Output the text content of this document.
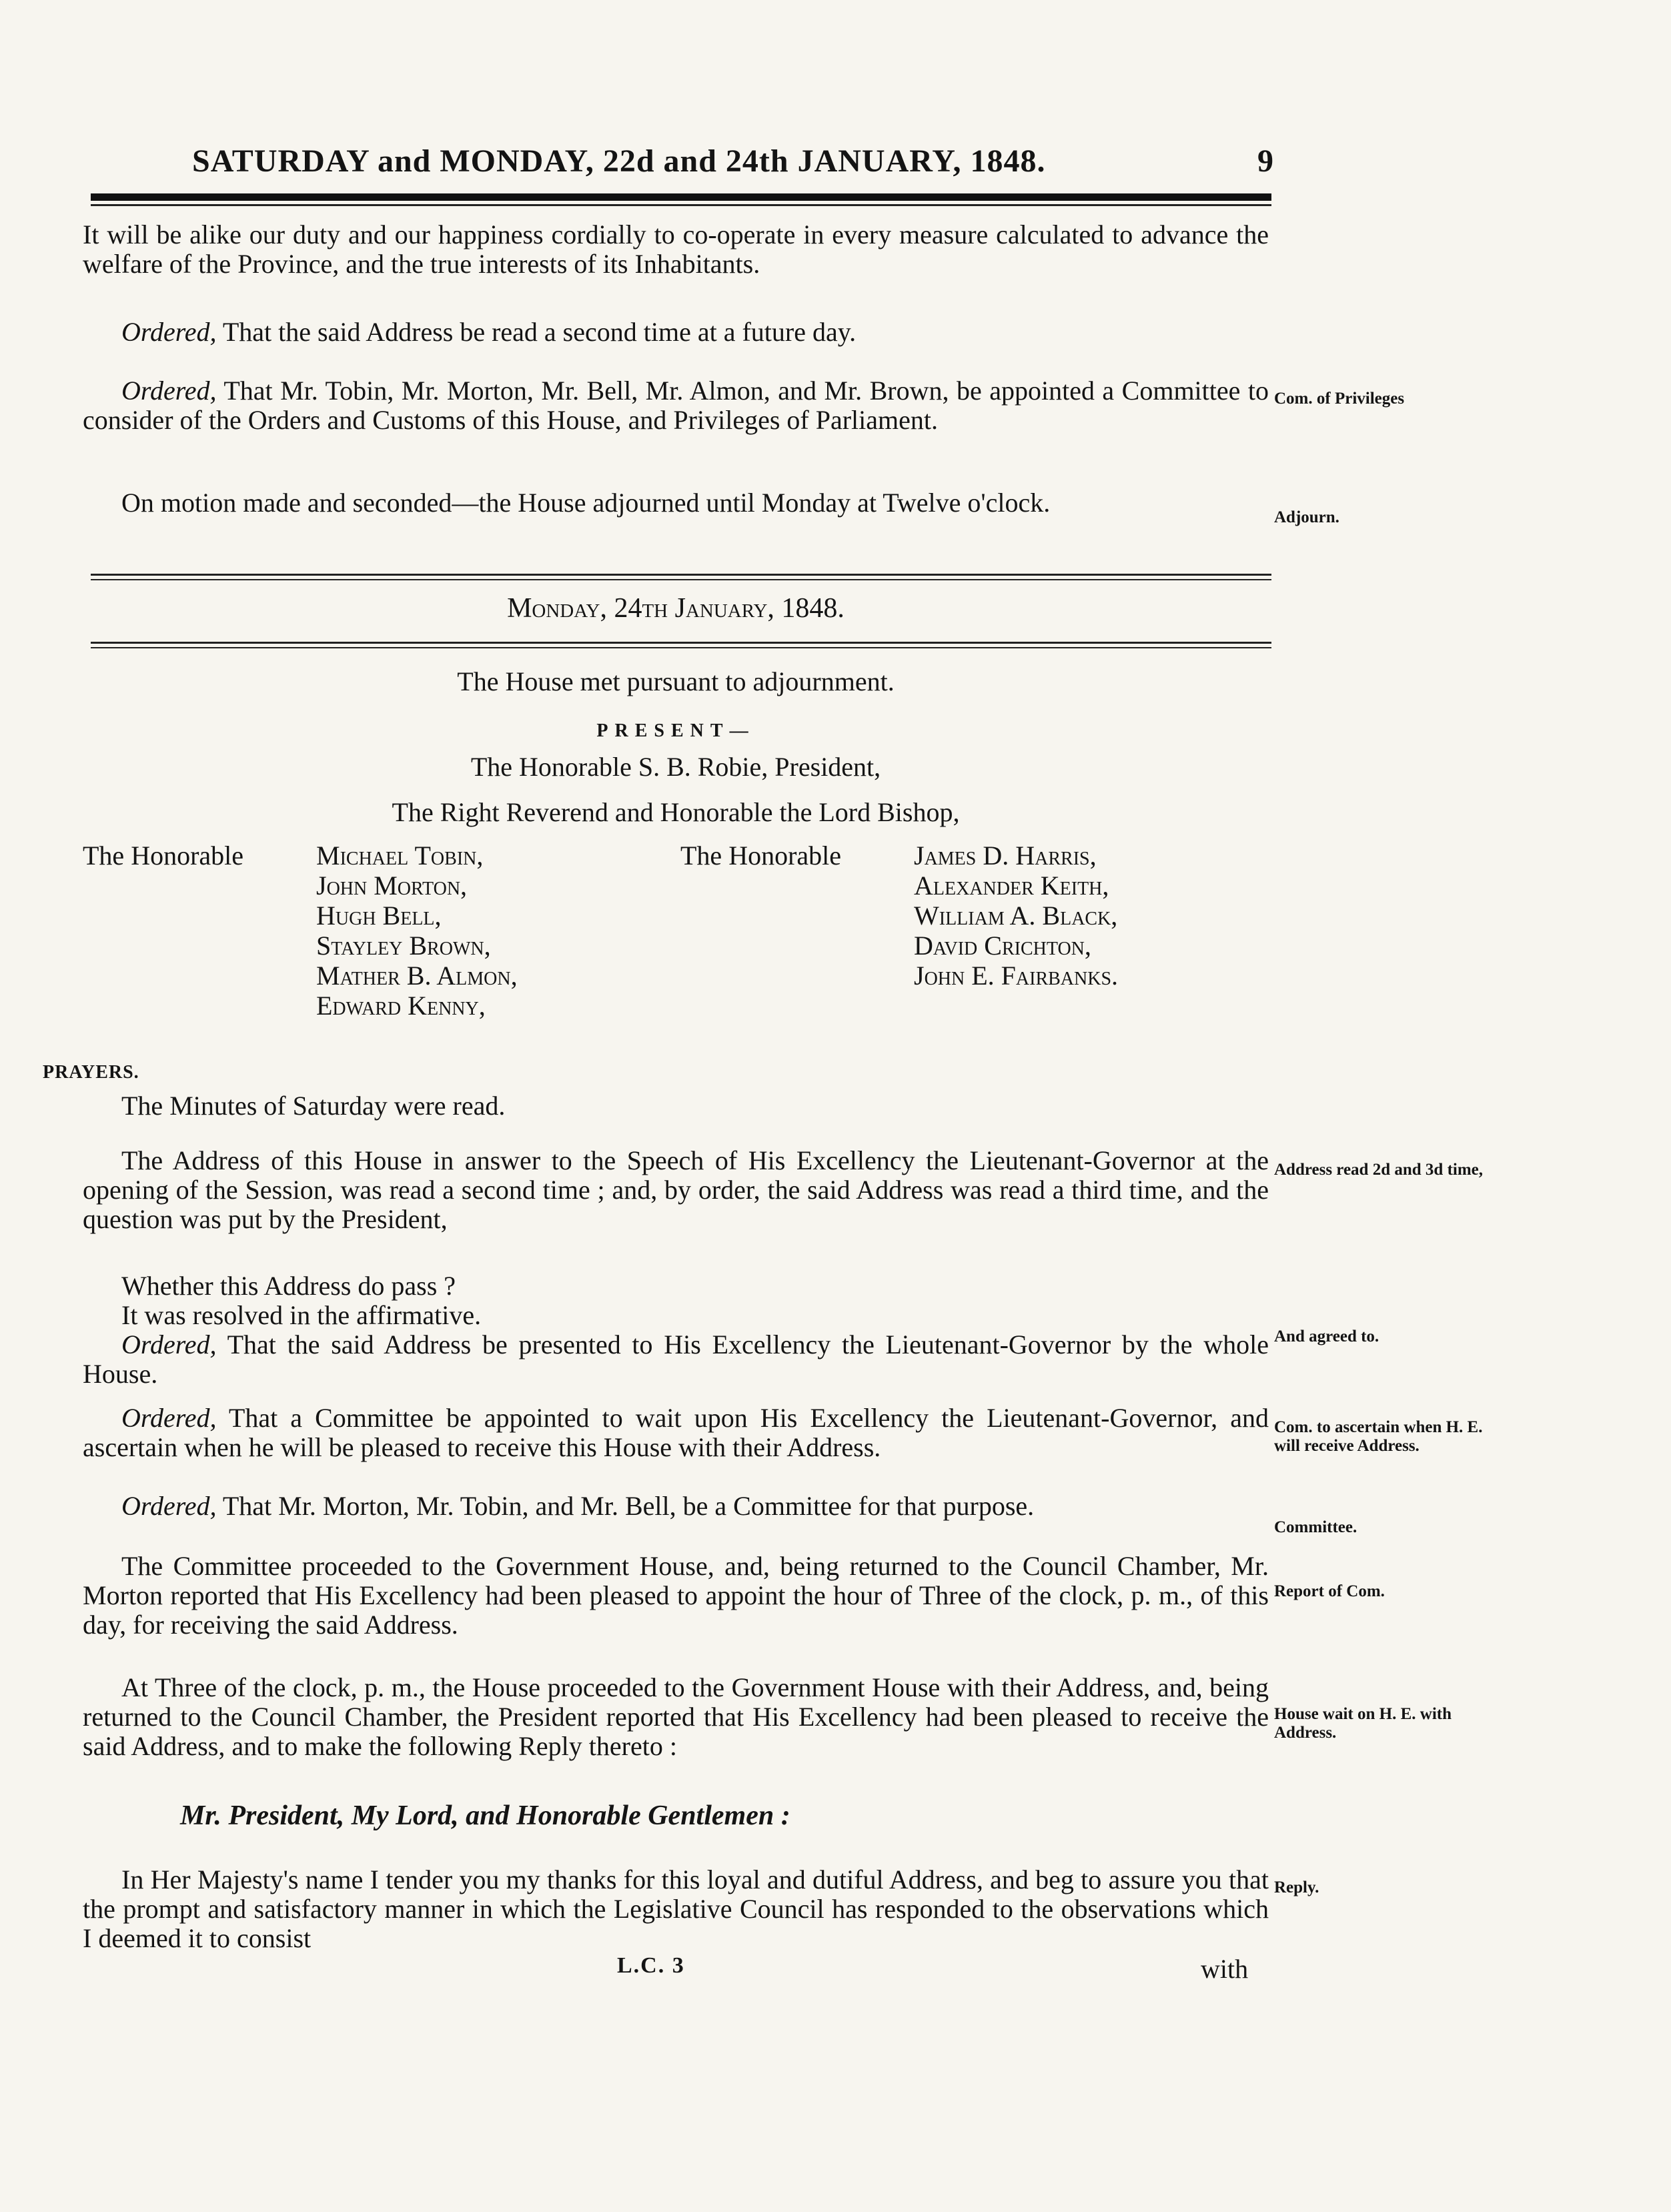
SATURDAY and MONDAY, 22d and 24th JANUARY, 1848.	9
It will be alike our duty and our happiness cordially to co-operate in every measure calculated to advance the welfare of the Province, and the true interests of its Inhabitants.
Ordered, That the said Address be read a second time at a future day.
Ordered, That Mr. Tobin, Mr. Morton, Mr. Bell, Mr. Almon, and Mr. Brown, be appointed a Committee to consider of the Orders and Customs of this House, and Privileges of Parliament.
Com. of Privileges
On motion made and seconded—the House adjourned until Monday at Twelve o'clock.	Adjourn.
Monday, 24th January, 1848.
The House met pursuant to adjournment.
PRESENT—
The Honorable S. B. Robie, President,
The Right Reverend and Honorable the Lord Bishop,
The Honorable	Michael Tobin,
John Morton,
Hugh Bell,
Stayley Brown,
Mather B. Almon,
Edward Kenny,
The Honorable	James D. Harris,
Alexander Keith,
William A. Black,
David Crichton,
John E. Fairbanks.
PRAYERS.
The Minutes of Saturday were read.
The Address of this House in answer to the Speech of His Excellency the Lieutenant-Governor at the opening of the Session, was read a second time ; and, by order, the said Address was read a third time, and the question was put by the President,
Address read 2d and 3d time,
Whether this Address do pass ?
It was resolved in the affirmative.
And agreed to.
Ordered, That the said Address be presented to His Excellency the Lieutenant-Governor by the whole House.
Ordered, That a Committee be appointed to wait upon His Excellency the Lieutenant-Governor, and ascertain when he will be pleased to receive this House with their Address.
Com. to ascertain when H. E. will receive Address.
Ordered, That Mr. Morton, Mr. Tobin, and Mr. Bell, be a Committee for that purpose.
Committee.
The Committee proceeded to the Government House, and, being returned to the Council Chamber, Mr. Morton reported that His Excellency had been pleased to appoint the hour of Three of the clock, p. m., of this day, for receiving the said Address.
Report of Com.
At Three of the clock, p. m., the House proceeded to the Government House with their Address, and, being returned to the Council Chamber, the President reported that His Excellency had been pleased to receive the said Address, and to make the following Reply thereto :
House wait on H. E. with Address.
Mr. President, My Lord, and Honorable Gentlemen :
In Her Majesty's name I tender you my thanks for this loyal and dutiful Address, and beg to assure you that the prompt and satisfactory manner in which the Legislative Council has responded to the observations which I deemed it to consist
Reply.
L.C. 3	with
